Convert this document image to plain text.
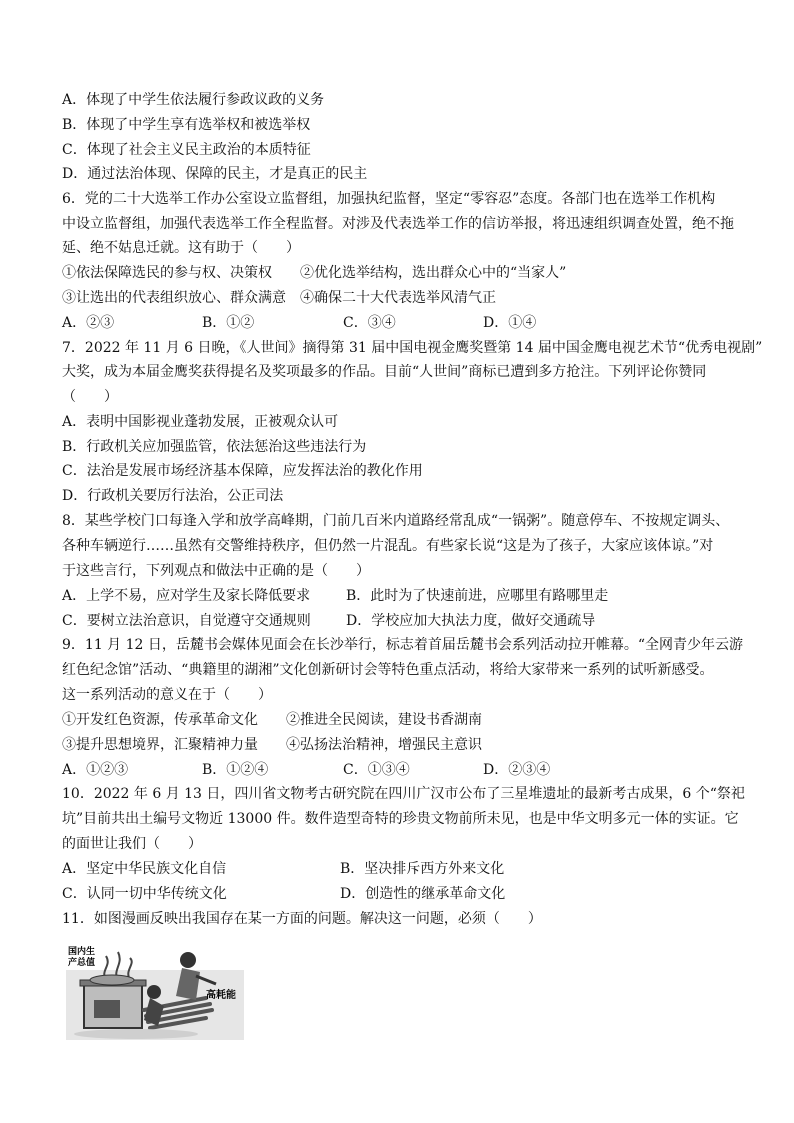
A．体现了中学生依法履行参政议政的义务
B．体现了中学生享有选举权和被选举权
C．体现了社会主义民主政治的本质特征
D．通过法治体现、保障的民主，才是真正的民主
6．党的二十大选举工作办公室设立监督组，加强执纪监督，坚定“零容忍”态度。各部门也在选举工作机构
中设立监督组，加强代表选举工作全程监督。对涉及代表选举工作的信访举报，将迅速组织调查处置，绝不拖
延、绝不姑息迁就。这有助于（　　）
①依法保障选民的参与权、决策权　　②优化选举结构，选出群众心中的“当家人”
③让选出的代表组织放心、群众满意　④确保二十大代表选举风清气正
A．②③	B．①②	C．③④	D．①④
7．2022 年 11 月 6 日晚，《人世间》摘得第 31 届中国电视金鹰奖暨第 14 届中国金鹰电视艺术节“优秀电视剧”
大奖，成为本届金鹰奖获得提名及奖项最多的作品。目前“人世间”商标已遭到多方抢注。下列评论你赞同
（　　）
A．表明中国影视业蓬勃发展，正被观众认可
B．行政机关应加强监管，依法惩治这些违法行为
C．法治是发展市场经济基本保障，应发挥法治的教化作用
D．行政机关要厉行法治，公正司法
8．某些学校门口每逢入学和放学高峰期，门前几百米内道路经常乱成“一锅粥”。随意停车、不按规定调头、
各种车辆逆行……虽然有交警维持秩序，但仍然一片混乱。有些家长说“这是为了孩子，大家应该体谅。”对
于这些言行，下列观点和做法中正确的是（　　）
A．上学不易，应对学生及家长降低要求	B．此时为了快速前进，应哪里有路哪里走
C．要树立法治意识，自觉遵守交通规则	D．学校应加大执法力度，做好交通疏导
9．11 月 12 日，岳麓书会媒体见面会在长沙举行，标志着首届岳麓书会系列活动拉开帷幕。“全网青少年云游
红色纪念馆”活动、“典籍里的湖湘”文化创新研讨会等特色重点活动，将给大家带来一系列的试听新感受。
这一系列活动的意义在于（　　）
①开发红色资源，传承革命文化　　②推进全民阅读，建设书香湖南
③提升思想境界，汇聚精神力量　　④弘扬法治精神，增强民主意识
A．①②③	B．①②④	C．①③④	D．②③④
10．2022 年 6 月 13 日，四川省文物考古研究院在四川广汉市公布了三星堆遗址的最新考古成果，6 个“祭祀
坑”目前共出土编号文物近 13000 件。数件造型奇特的珍贵文物前所未见，也是中华文明多元一体的实证。它
的面世让我们（　　）
A．坚定中华民族文化自信	B．坚决排斥西方外来文化
C．认同一切中华传统文化	D．创造性的继承革命文化
11．如图漫画反映出我国存在某一方面的问题。解决这一问题，必须（　　）
国内生
产总值
高耗能
